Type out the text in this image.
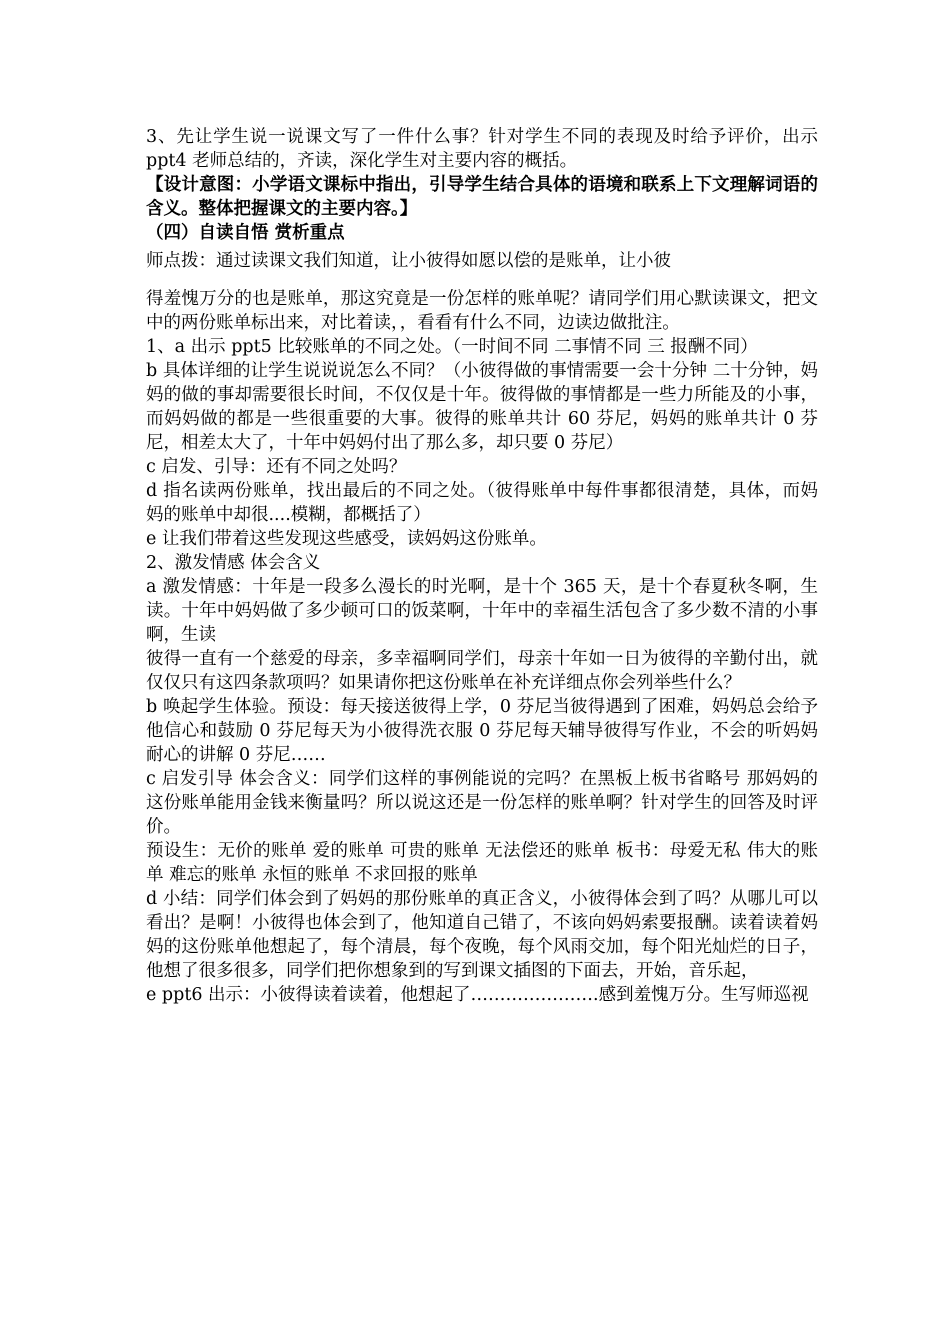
3、先让学生说一说课文写了一件什么事？针对学生不同的表现及时给予评价，出示 ppt4 老师总结的，齐读，深化学生对主要内容的概括。

【设计意图：小学语文课标中指出，引导学生结合具体的语境和联系上下文理解词语的含义。整体把握课文的主要内容。】

（四）自读自悟 赏析重点

师点拨：通过读课文我们知道，让小彼得如愿以偿的是账单，让小彼

得羞愧万分的也是账单，那这究竟是一份怎样的账单呢？请同学们用心默读课文，把文中的两份账单标出来，对比着读，，看看有什么不同，边读边做批注。

1、a 出示 ppt5 比较账单的不同之处。（一时间不同 二事情不同 三 报酬不同）

b 具体详细的让学生说说说怎么不同？（小彼得做的事情需要一会十分钟 二十分钟，妈妈的做的事却需要很长时间，不仅仅是十年。彼得做的事情都是一些力所能及的小事，而妈妈做的都是一些很重要的大事。彼得的账单共计 60 芬尼，妈妈的账单共计 0 芬尼，相差太大了，十年中妈妈付出了那么多，却只要 0 芬尼）

c 启发、引导：还有不同之处吗？

d 指名读两份账单，找出最后的不同之处。（彼得账单中每件事都很清楚，具体，而妈妈的账单中却很....模糊，都概括了）

e 让我们带着这些发现这些感受，读妈妈这份账单。

2、激发情感 体会含义

a 激发情感：十年是一段多么漫长的时光啊，是十个 365 天，是十个春夏秋冬啊，生读。十年中妈妈做了多少顿可口的饭菜啊，十年中的幸福生活包含了多少数不清的小事啊，生读

彼得一直有一个慈爱的母亲，多幸福啊同学们，母亲十年如一日为彼得的辛勤付出，就仅仅只有这四条款项吗？如果请你把这份账单在补充详细点你会列举些什么？

b 唤起学生体验。预设：每天接送彼得上学，0 芬尼当彼得遇到了困难，妈妈总会给予他信心和鼓励 0 芬尼每天为小彼得洗衣服 0 芬尼每天辅导彼得写作业，不会的听妈妈耐心的讲解 0 芬尼……

c 启发引导 体会含义：同学们这样的事例能说的完吗？在黑板上板书省略号 那妈妈的这份账单能用金钱来衡量吗？所以说这还是一份怎样的账单啊？针对学生的回答及时评价。

预设生：无价的账单 爱的账单 可贵的账单 无法偿还的账单 板书：母爱无私 伟大的账单 难忘的账单 永恒的账单 不求回报的账单

d 小结：同学们体会到了妈妈的那份账单的真正含义，小彼得体会到了吗？从哪儿可以看出？是啊！小彼得也体会到了，他知道自己错了，不该向妈妈索要报酬。读着读着妈妈的这份账单他想起了，每个清晨，每个夜晚，每个风雨交加，每个阳光灿烂的日子，他想了很多很多，同学们把你想象到的写到课文插图的下面去，开始，音乐起，

e ppt6 出示：小彼得读着读着，他想起了………………….感到羞愧万分。生写师巡视
